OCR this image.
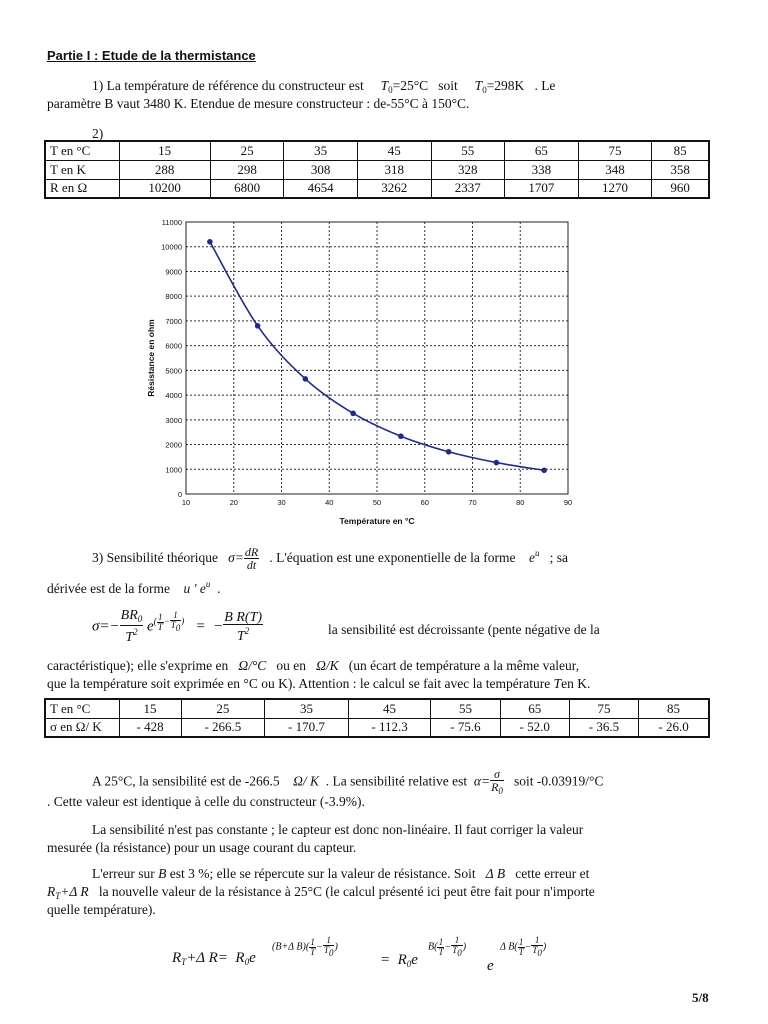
Partie I : Etude de la thermistance
1) La température de référence du constructeur est $T_0=25^\circ C$ soit $T_0=298K$ . Le
paramètre B vaut 3480 K. Etendue de mesure constructeur : de-55°C à 150°C.
2)
T en °C	15	25	35	45	55	65	75	85
T en K	288	298	308	318	328	338	348	358
R en Ω	10200	6800	4654	3262	2337	1707	1270	960
0
1000
2000
3000
4000
5000
6000
7000
8000
9000
10000
11000
10	20	30	40	50	60	70	80	90
Température en °C
Résistance en ohm
3) Sensibilité théorique $\sigma= \frac{dR}{dt}$ . L'équation est une exponentielle de la forme $e^u$ ; sa
dérivée est de la forme u ' $e^u$ .
$\sigma=- \frac{BR_0}{T^2} e^{( \frac{1}{T} - \frac{1}{T_0} )}$ = − $\frac{\text{B R(T)}}{T^2}$	la sensibilité est décroissante (pente négative de la
caractéristique); elle s'exprime en Ω/°C ou en Ω/K (un écart de température a la même valeur,
que la température soit exprimée en °C ou K). Attention : le calcul se fait avec la température Ten K.
T en °C	15	25	35	45	55	65	75	85
σ en Ω/ K	- 428	- 266.5	- 170.7	- 112.3	- 75.6	- 52.0	- 36.5	- 26.0
A 25°C, la sensibilité est de -266.5 Ω/ K . La sensibilité relative est $\alpha= \frac{\sigma}{R_0}$ soit -0.03919/°C
. Cette valeur est identique à celle du constructeur (-3.9%).
La sensibilité n'est pas constante ; le capteur est donc non-linéaire. Il faut corriger la valeur
mesurée (la résistance) pour un usage courant du capteur.
L'erreur sur B est 3 %; elle se répercute sur la valeur de résistance. Soit Δ B cette erreur et
$R_T+\Delta$ R la nouvelle valeur de la résistance à 25°C (le calcul présenté ici peut être fait pour n'importe
quelle température).
$R_T+\Delta$ $R= R_0e$
(B+Δ $B)( \frac{1}{T} - \frac{1}{T_0}$ )
=  $R_0e$
$B( \frac{1}{T} - \frac{1}{T_0}$ )
e
Δ $B( \frac{1}{T} - \frac{1}{T_0}$ )
5/8
